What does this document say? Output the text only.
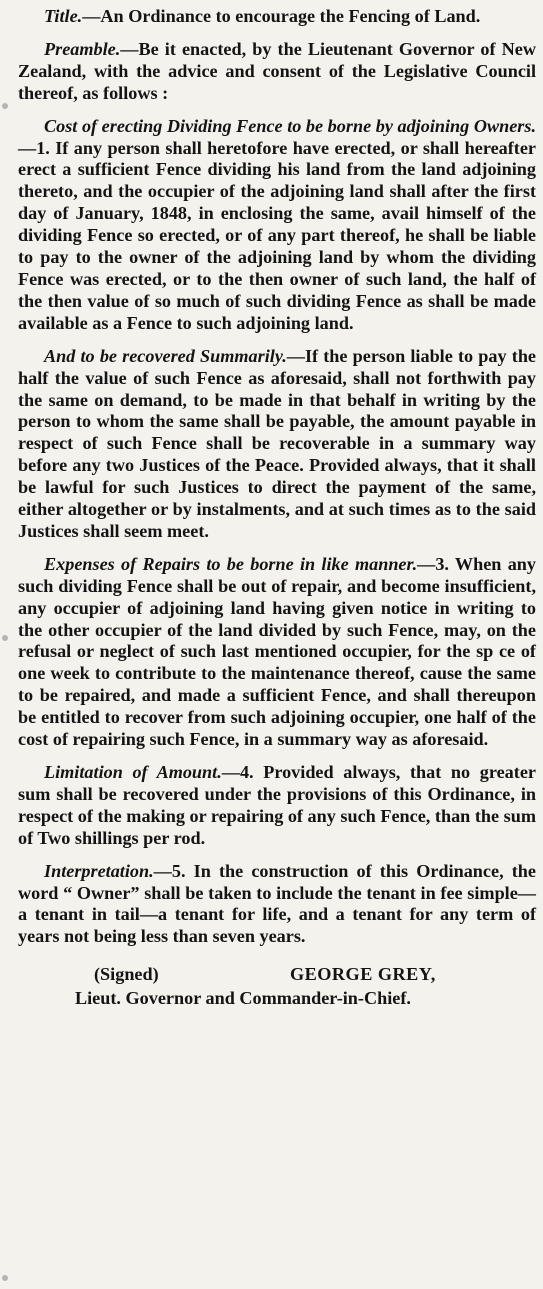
Title.—An Ordinance to encourage the Fencing of Land.

Preamble.—Be it enacted, by the Lieutenant Governor of New Zealand, with the advice and consent of the Legislative Council thereof, as follows :

Cost of erecting Dividing Fence to be borne by adjoining Owners.—1. If any person shall heretofore have erected, or shall hereafter erect a sufficient Fence dividing his land from the land adjoining thereto, and the occupier of the adjoining land shall after the first day of January, 1848, in enclosing the same, avail himself of the dividing Fence so erected, or of any part thereof, he shall be liable to pay to the owner of the adjoining land by whom the dividing Fence was erected, or to the then owner of such land, the half of the then value of so much of such dividing Fence as shall be made available as a Fence to such adjoining land.

And to be recovered Summarily.—If the person liable to pay the half the value of such Fence as aforesaid, shall not forthwith pay the same on demand, to be made in that behalf in writing by the person to whom the same shall be payable, the amount payable in respect of such Fence shall be recoverable in a summary way before any two Justices of the Peace. Provided always, that it shall be lawful for such Justices to direct the payment of the same, either altogether or by instalments, and at such times as to the said Justices shall seem meet.

Expenses of Repairs to be borne in like manner.—3. When any such dividing Fence shall be out of repair, and become insufficient, any occupier of adjoining land having given notice in writing to the other occupier of the land divided by such Fence, may, on the refusal or neglect of such last mentioned occupier, for the sp ce of one week to contribute to the maintenance thereof, cause the same to be repaired, and made a sufficient Fence, and shall thereupon be entitled to recover from such adjoining occupier, one half of the cost of repairing such Fence, in a summary way as aforesaid.

Limitation of Amount.—4. Provided always, that no greater sum shall be recovered under the provisions of this Ordinance, in respect of the making or repairing of any such Fence, than the sum of Two shillings per rod.

Interpretation.—5. In the construction of this Ordinance, the word “ Owner” shall be taken to include the tenant in fee simple—a tenant in tail—a tenant for life, and a tenant for any term of years not being less than seven years.

(Signed)	GEORGE GREY,
Lieut. Governor and Commander-in-Chief.
